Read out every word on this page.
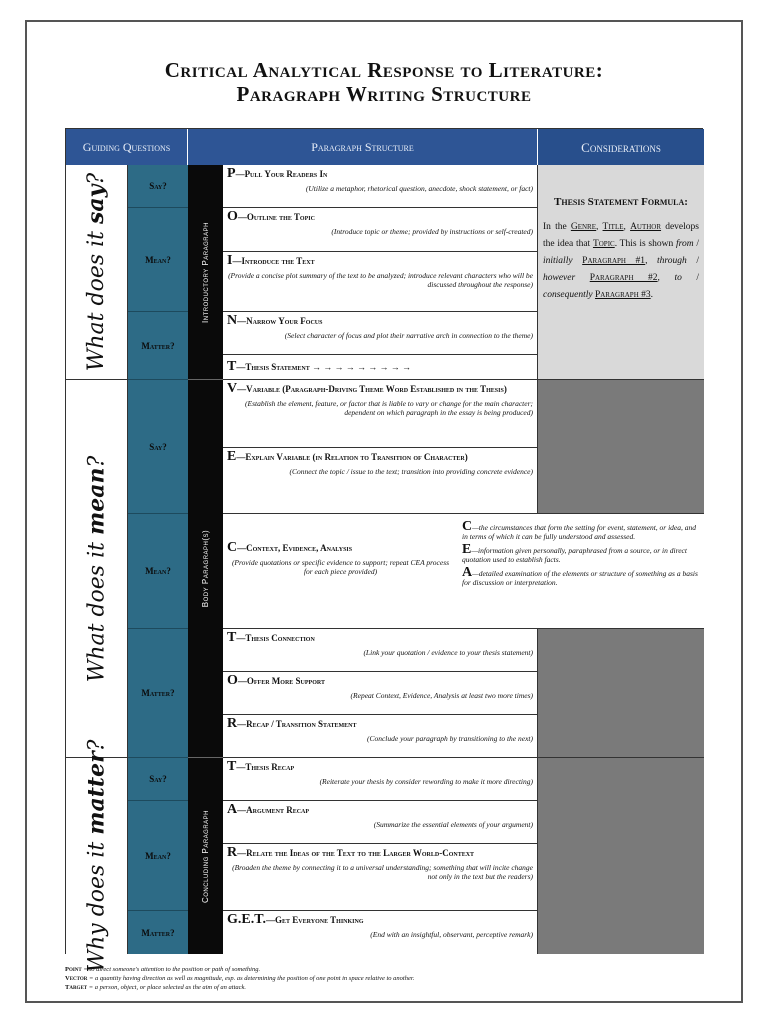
Critical Analytical Response to Literature:
Paragraph Writing Structure
Guiding Questions	Paragraph Structure	Considerations
What does it say?
What does it mean?
Why does it matter?
Say?
Mean?
Matter?
Say?
Mean?
Matter?
Say?
Mean?
Matter?
Introductory Paragraph
Body Paragraph(s)
Concluding Paragraph
P—Pull Your Readers In
(Utilize a metaphor, rhetorical question, anecdote, shock statement, or fact)
O—Outline the Topic
(Introduce topic or theme; provided by instructions or self-created)
I—Introduce the Text
(Provide a concise plot summary of the text to be analyzed; introduce relevant characters who will be discussed throughout the response)
N—Narrow Your Focus
(Select character of focus and plot their narrative arch in connection to the theme)
T—Thesis Statement → → → → → → → → →
Thesis Statement Formula:
In the Genre, Title, Author develops the idea that Topic. This is shown from / initially Paragraph #1, through / however Paragraph #2, to / consequently Paragraph #3.
V—Variable (Paragraph-Driving Theme Word Established in the Thesis)
(Establish the element, feature, or factor that is liable to vary or change for the main character; dependent on which paragraph in the essay is being produced)
E—Explain Variable (in Relation to Transition of Character)
(Connect the topic / issue to the text; transition into providing concrete evidence)
C—Context, Evidence, Analysis
(Provide quotations or specific evidence to support; repeat CEA process for each piece provided)
C—the circumstances that form the setting for event, statement, or idea, and in terms of which it can be fully understood and assessed.
E—information given personally, paraphrased from a source, or in direct quotation used to establish facts.
A—detailed examination of the elements or structure of something as a basis for discussion or interpretation.
T—Thesis Connection
(Link your quotation / evidence to your thesis statement)
O—Offer More Support
(Repeat Context, Evidence, Analysis at least two more times)
R—Recap / Transition Statement
(Conclude your paragraph by transitioning to the next)
T—Thesis Recap
(Reiterate your thesis by consider rewording to make it more directing)
A—Argument Recap
(Summarize the essential elements of your argument)
R—Relate the Ideas of the Text to the Larger World-Context
(Broaden the theme by connecting it to a universal understanding; something that will incite change not only in the text but the readers)
G.E.T.—Get Everyone Thinking
(End with an insightful, observant, perceptive remark)
Point = to direct someone's attention to the position or path of something.
Vector = a quantity having direction as well as magnitude, esp. as determining the position of one point in space relative to another.
Target = a person, object, or place selected as the aim of an attack.
